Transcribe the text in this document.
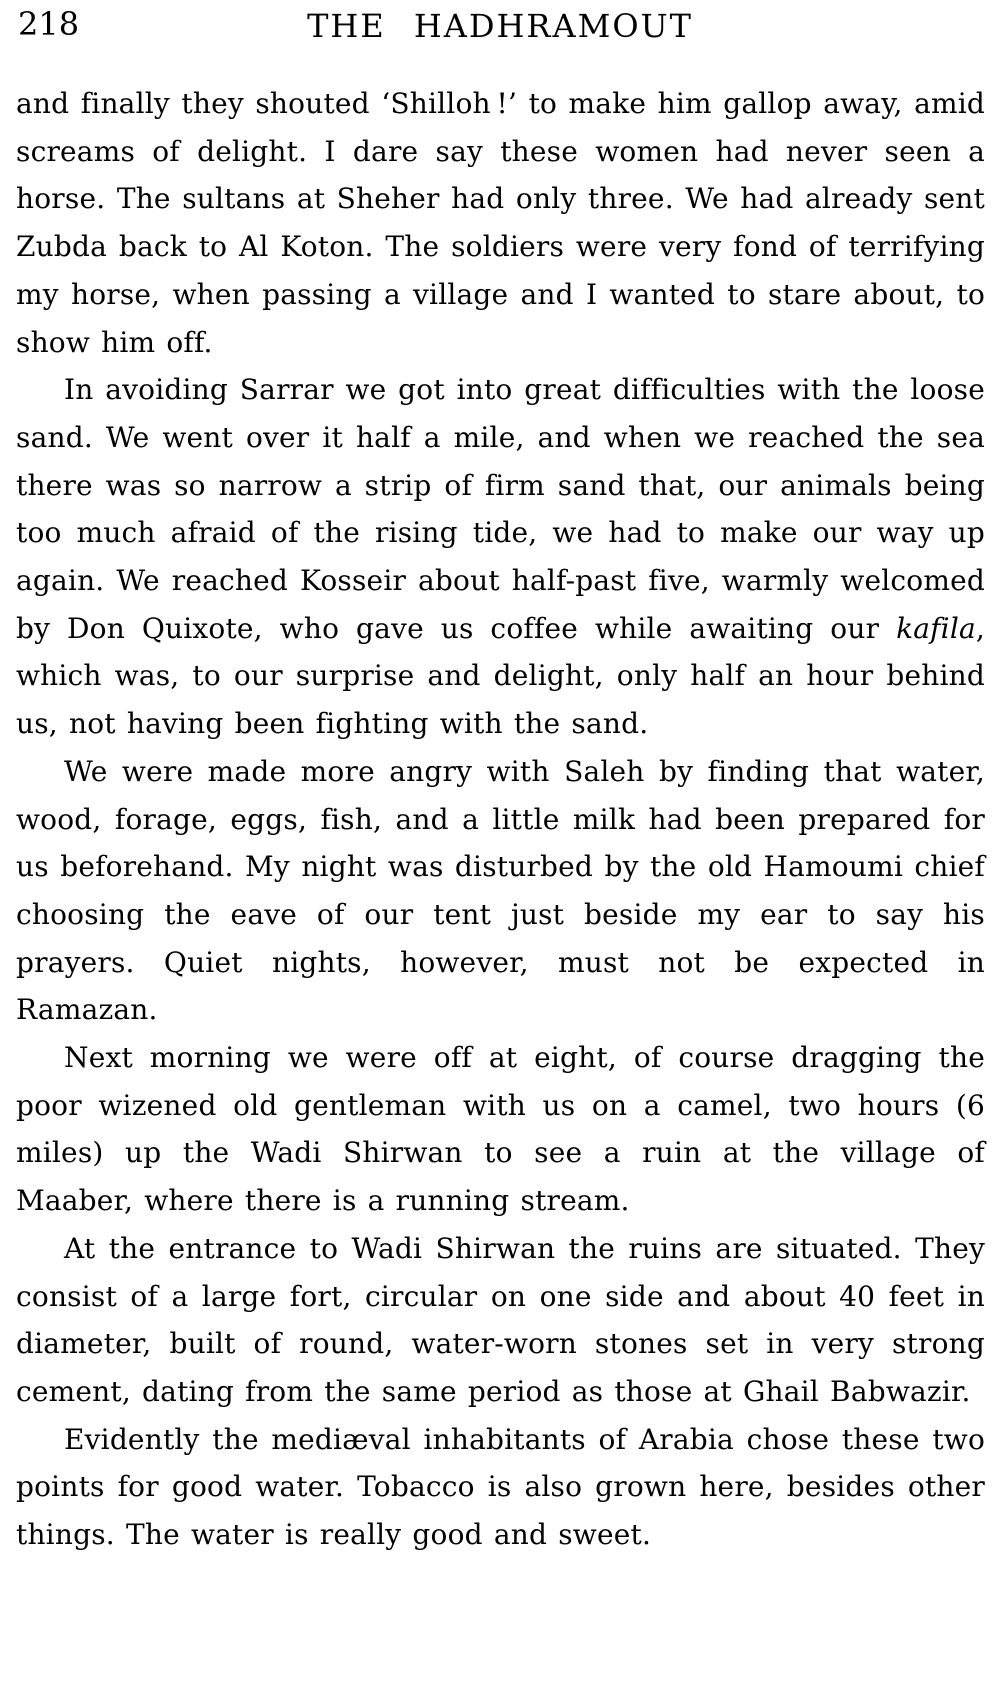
218	THE HADHRAMOUT

and finally they shouted ‘Shilloh !’ to make him gallop away, amid screams of delight. I dare say these women had never seen a horse. The sultans at Sheher had only three. We had already sent Zubda back to Al Koton. The soldiers were very fond of terrifying my horse, when passing a village and I wanted to stare about, to show him off.

In avoiding Sarrar we got into great difficulties with the loose sand. We went over it half a mile, and when we reached the sea there was so narrow a strip of firm sand that, our animals being too much afraid of the rising tide, we had to make our way up again. We reached Kosseir about half-past five, warmly welcomed by Don Quixote, who gave us coffee while awaiting our kafila, which was, to our surprise and delight, only half an hour behind us, not having been fighting with the sand.

We were made more angry with Saleh by finding that water, wood, forage, eggs, fish, and a little milk had been prepared for us beforehand. My night was disturbed by the old Hamoumi chief choosing the eave of our tent just beside my ear to say his prayers. Quiet nights, however, must not be expected in Ramazan.

Next morning we were off at eight, of course dragging the poor wizened old gentleman with us on a camel, two hours (6 miles) up the Wadi Shirwan to see a ruin at the village of Maaber, where there is a running stream.

At the entrance to Wadi Shirwan the ruins are situated. They consist of a large fort, circular on one side and about 40 feet in diameter, built of round, water-worn stones set in very strong cement, dating from the same period as those at Ghail Babwazir.

Evidently the mediæval inhabitants of Arabia chose these two points for good water. Tobacco is also grown here, besides other things. The water is really good and sweet.
